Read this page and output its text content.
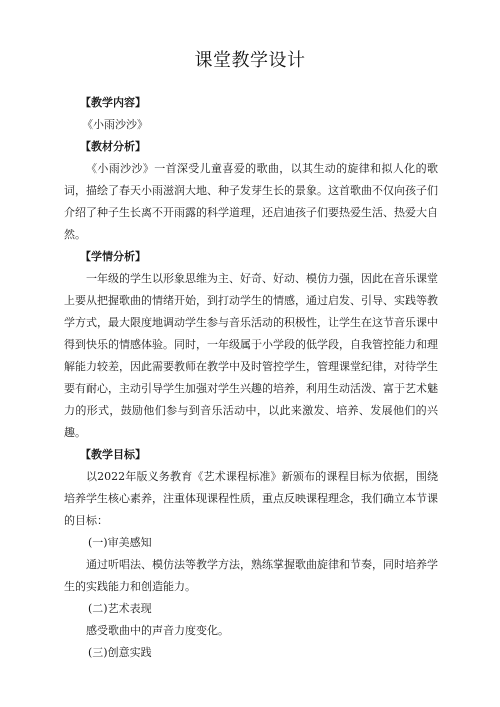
课堂教学设计

【教学内容】

《小雨沙沙》

【教材分析】

《小雨沙沙》一首深受儿童喜爱的歌曲，以其生动的旋律和拟人化的歌词，描绘了春天小雨滋润大地、种子发芽生长的景象。这首歌曲不仅向孩子们介绍了种子生长离不开雨露的科学道理，还启迪孩子们要热爱生活、热爱大自然。

【学情分析】

一年级的学生以形象思维为主、好奇、好动、模仿力强，因此在音乐课堂上要从把握歌曲的情绪开始，到打动学生的情感，通过启发、引导、实践等教学方式，最大限度地调动学生参与音乐活动的积极性，让学生在这节音乐课中得到快乐的情感体验。同时，一年级属于小学段的低学段，自我管控能力和理解能力较差，因此需要教师在教学中及时管控学生，管理课堂纪律，对待学生要有耐心，主动引导学生加强对学生兴趣的培养，利用生动活泼、富于艺术魅力的形式，鼓励他们参与到音乐活动中，以此来激发、培养、发展他们的兴趣。

【教学目标】

以2022年版义务教育《艺术课程标准》新颁布的课程目标为依据，围绕培养学生核心素养，注重体现课程性质，重点反映课程理念，我们确立本节课的目标：

(一)审美感知

通过听唱法、模仿法等教学方法，熟练掌握歌曲旋律和节奏，同时培养学生的实践能力和创造能力。

(二)艺术表现

感受歌曲中的声音力度变化。

(三)创意实践
